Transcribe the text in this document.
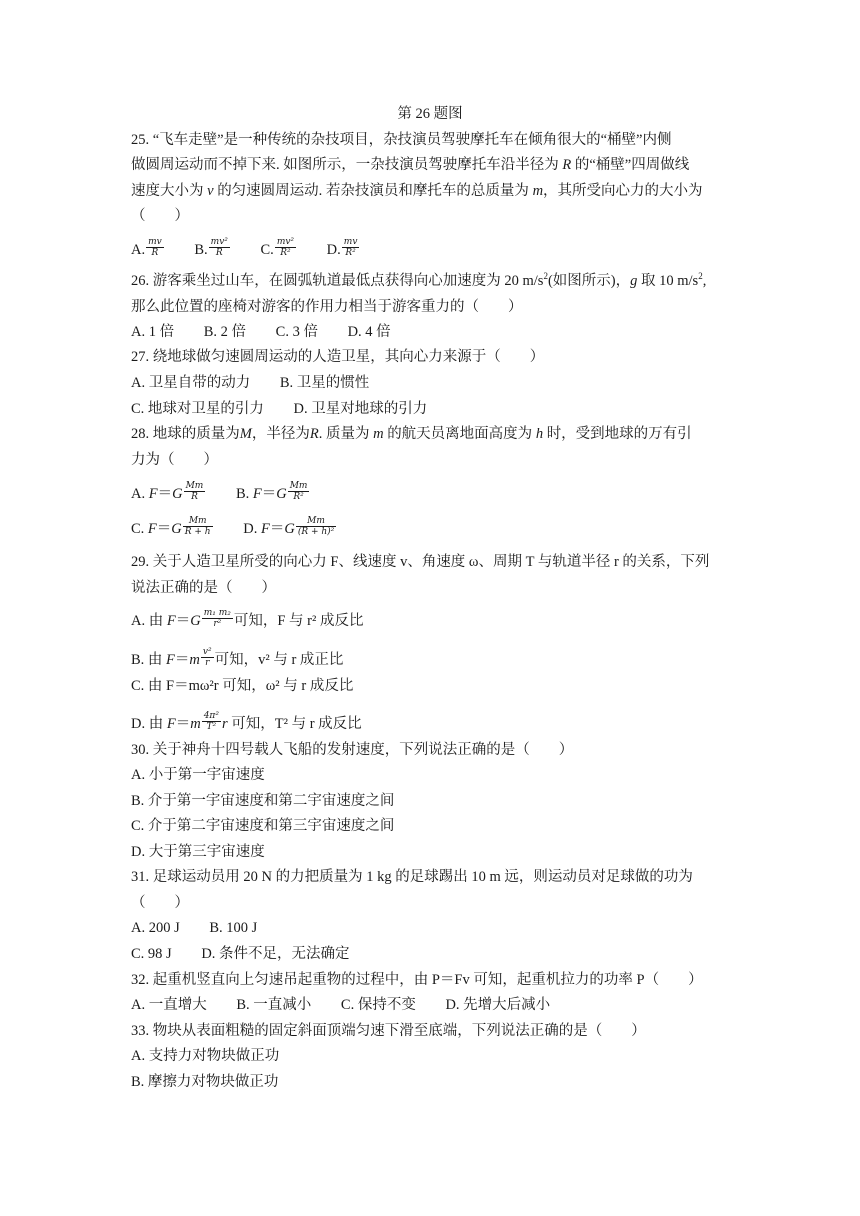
第 26 题图
25. “飞车走壁”是一种传统的杂技项目，杂技演员驾驶摩托车在倾角很大的“桶壁”内侧
做圆周运动而不掉下来. 如图所示，一杂技演员驾驶摩托车沿半径为 R 的“桶壁”四周做线
速度大小为 v 的匀速圆周运动. 若杂技演员和摩托车的总质量为 m，其所受向心力的大小为
（　　）
A. $\frac{mv}{R} B$. $\frac{\text{mv²}}{R} C$. $\frac{\text{mv²}}{\text{R²}} D$. $\frac{mv}{\text{R²}}$
26. 游客乘坐过山车，在圆弧轨道最低点获得向心加速度为 20 $m/s^2$(如图所示)，g 取 10 $m/s^2$,
那么此位置的座椅对游客的作用力相当于游客重力的（　　）
A. 1 倍 B. 2 倍 C. 3 倍 D. 4 倍
27. 绕地球做匀速圆周运动的人造卫星，其向心力来源于（　　）
A. 卫星自带的动力 B. 卫星的惯性
C. 地球对卫星的引力 D. 卫星对地球的引力
28. 地球的质量为M，半径为R. 质量为 m 的航天员离地面高度为 h 时，受到地球的万有引
力为（　　）
A. $F=G \frac{Mm}{R} B$. $F=G \frac{Mm}{\text{R²}}$
C. $F=G \frac{Mm}{R + h} D$. $F=G \frac{Mm}{\text{(R + h)²}}$
29. 关于人造卫星所受的向心力 F、线速度 v、角速度 ω、周期 T 与轨道半径 r 的关系，下列
说法正确的是（　　）
A. 由 $F=G \frac{\text{m₁ m₂}}{\text{r²}}$ 可知，F 与 r² 成反比
B. 由 $F=m \frac{\text{v²}}{r}$ 可知，v² 与 r 成正比
C. 由 F＝mω²r 可知，ω² 与 r 成反比
D. 由 $F=m \frac{\text{4π²}}{\text{T²}}$ r 可知，T² 与 r 成反比
30. 关于神舟十四号载人飞船的发射速度，下列说法正确的是（　　）
A. 小于第一宇宙速度
B. 介于第一宇宙速度和第二宇宙速度之间
C. 介于第二宇宙速度和第三宇宙速度之间
D. 大于第三宇宙速度
31. 足球运动员用 20 N 的力把质量为 1 kg 的足球踢出 10 m 远，则运动员对足球做的功为
（　　）
A. 200 J B. 100 J
C. 98 J D. 条件不足，无法确定
32. 起重机竖直向上匀速吊起重物的过程中，由 P＝Fv 可知，起重机拉力的功率 P（　　）
A. 一直增大 B. 一直减小 C. 保持不变 D. 先增大后减小
33. 物块从表面粗糙的固定斜面顶端匀速下滑至底端，下列说法正确的是（　　）
A. 支持力对物块做正功
B. 摩擦力对物块做正功
